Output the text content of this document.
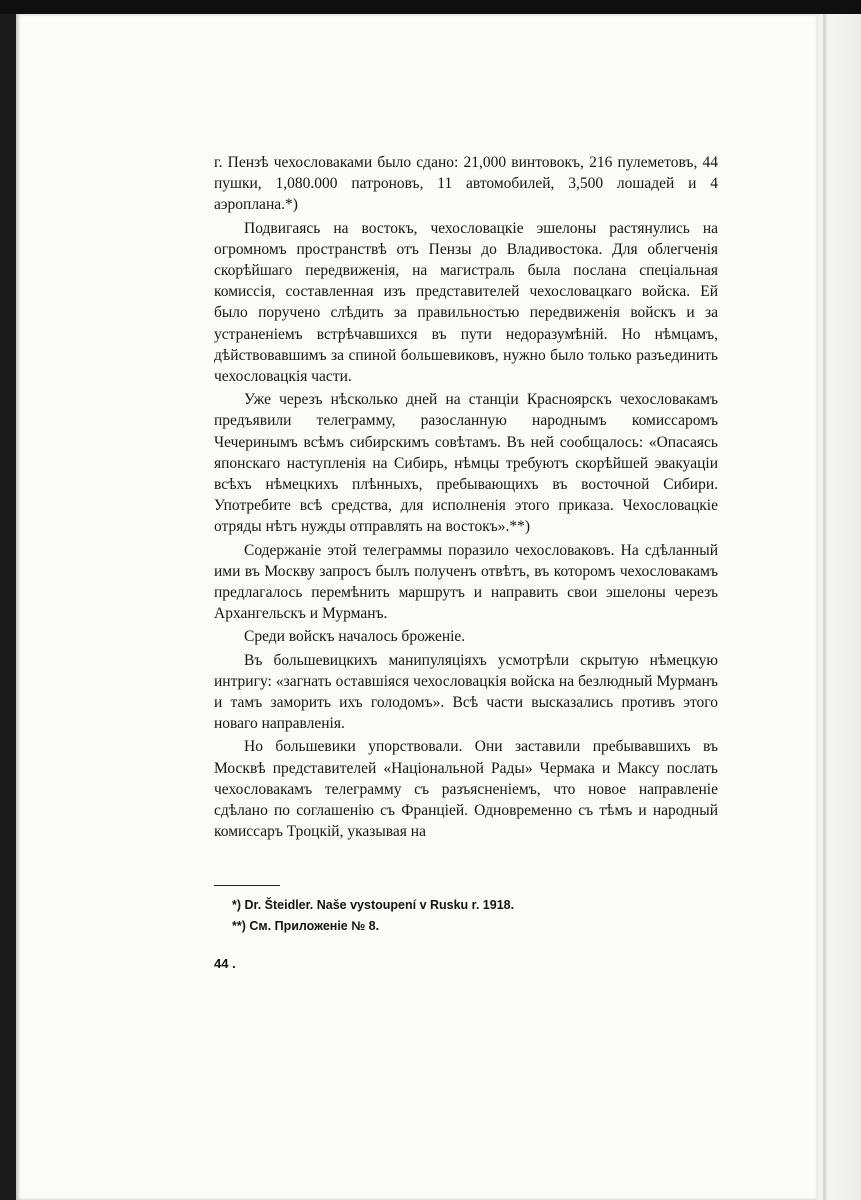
г. Пензѣ чехословаками было сдано: 21,000 винтовокъ, 216 пулеметовъ, 44 пушки, 1,080.000 патроновъ, 11 автомобилей, 3,500 лошадей и 4 аэроплана.*)

Подвигаясь на востокъ, чехословацкіе эшелоны растянулись на огромномъ пространствѣ отъ Пензы до Владивостока. Для облегченія скорѣйшаго передвиженія, на магистраль была послана спеціальная комиссія, составленная изъ представителей чехословацкаго войска. Ей было поручено слѣдить за правильностью передвиженія войскъ и за устраненіемъ встрѣчавшихся въ пути недоразумѣній. Но нѣмцамъ, дѣйствовавшимъ за спиной большевиковъ, нужно было только разъединить чехословацкія части.

Уже черезъ нѣсколько дней на станціи Красноярскъ чехословакамъ предъявили телеграмму, разосланную народнымъ комиссаромъ Чечеринымъ всѣмъ сибирскимъ совѣтамъ. Въ ней сообщалось: «Опасаясь японскаго наступленія на Сибирь, нѣмцы требуютъ скорѣйшей эвакуаціи всѣхъ нѣмецкихъ плѣнныхъ, пребывающихъ въ восточной Сибири. Употребите всѣ средства, для исполненія этого приказа. Чехословацкіе отряды нѣтъ нужды отправлять на востокъ».**)

Содержаніе этой телеграммы поразило чехословаковъ. На сдѣланный ими въ Москву запросъ былъ полученъ отвѣтъ, въ которомъ чехословакамъ предлагалось перемѣнить маршрутъ и направить свои эшелоны черезъ Архангельскъ и Мурманъ.

Среди войскъ началось броженіе.

Въ большевицкихъ манипуляціяхъ усмотрѣли скрытую нѣмецкую интригу: «загнать оставшіяся чехословацкія войска на безлюдный Мурманъ и тамъ заморить ихъ голодомъ». Всѣ части высказались противъ этого новаго направленія.

Но большевики упорствовали. Они заставили пребывавшихъ въ Москвѣ представителей «Національной Рады» Чермака и Максу послать чехословакамъ телеграмму съ разъясненіемъ, что новое направленіе сдѣлано по соглашенію съ Франціей. Одновременно съ тѣмъ и народный комиссаръ Троцкій, указывая на

*) Dr. Šteidler. Naše vystoupení v Rusku r. 1918.

**) См. Приложеніе № 8.

44 .
